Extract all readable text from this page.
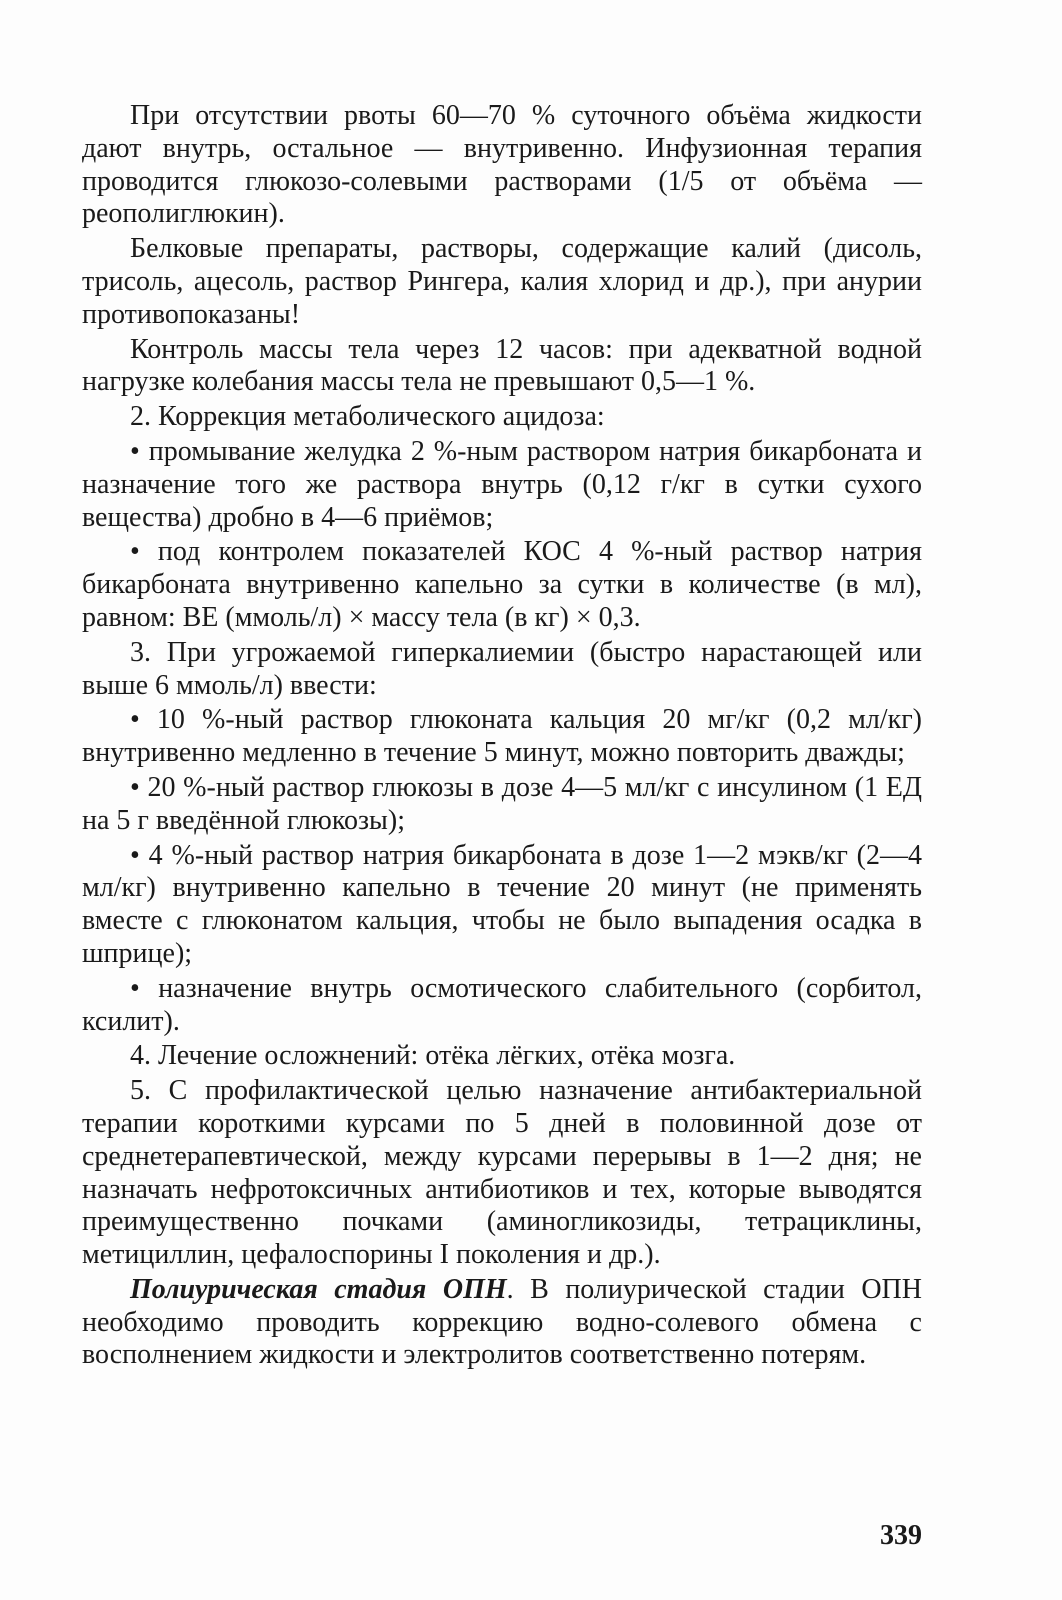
При отсутствии рвоты 60—70 % суточного объёма жидкости дают внутрь, остальное — внутривенно. Инфузионная терапия проводится глюкозо-солевыми растворами (1/5 от объёма — реополиглюкин).

Белковые препараты, растворы, содержащие калий (дисоль, трисоль, ацесоль, раствор Рингера, калия хлорид и др.), при анурии противопоказаны!

Контроль массы тела через 12 часов: при адекватной водной нагрузке колебания массы тела не превышают 0,5—1 %.

2. Коррекция метаболического ацидоза:

• промывание желудка 2 %-ным раствором натрия бикарбоната и назначение того же раствора внутрь (0,12 г/кг в сутки сухого вещества) дробно в 4—6 приёмов;

• под контролем показателей КОС 4 %-ный раствор натрия бикарбоната внутривенно капельно за сутки в количестве (в мл), равном: BE (ммоль/л) × массу тела (в кг) × 0,3.

3. При угрожаемой гиперкалиемии (быстро нарастающей или выше 6 ммоль/л) ввести:

• 10 %-ный раствор глюконата кальция 20 мг/кг (0,2 мл/кг) внутривенно медленно в течение 5 минут, можно повторить дважды;

• 20 %-ный раствор глюкозы в дозе 4—5 мл/кг с инсулином (1 ЕД на 5 г введённой глюкозы);

• 4 %-ный раствор натрия бикарбоната в дозе 1—2 мэкв/кг (2—4 мл/кг) внутривенно капельно в течение 20 минут (не применять вместе с глюконатом кальция, чтобы не было выпадения осадка в шприце);

• назначение внутрь осмотического слабительного (сорбитол, ксилит).

4. Лечение осложнений: отёка лёгких, отёка мозга.

5. С профилактической целью назначение антибактериальной терапии короткими курсами по 5 дней в половинной дозе от среднетерапевтической, между курсами перерывы в 1—2 дня; не назначать нефротоксичных антибиотиков и тех, которые выводятся преимущественно почками (аминогликозиды, тетрациклины, метициллин, цефалоспорины I поколения и др.).

Полиурическая стадия ОПН. В полиурической стадии ОПН необходимо проводить коррекцию водно-солевого обмена с восполнением жидкости и электролитов соответственно потерям.

339
